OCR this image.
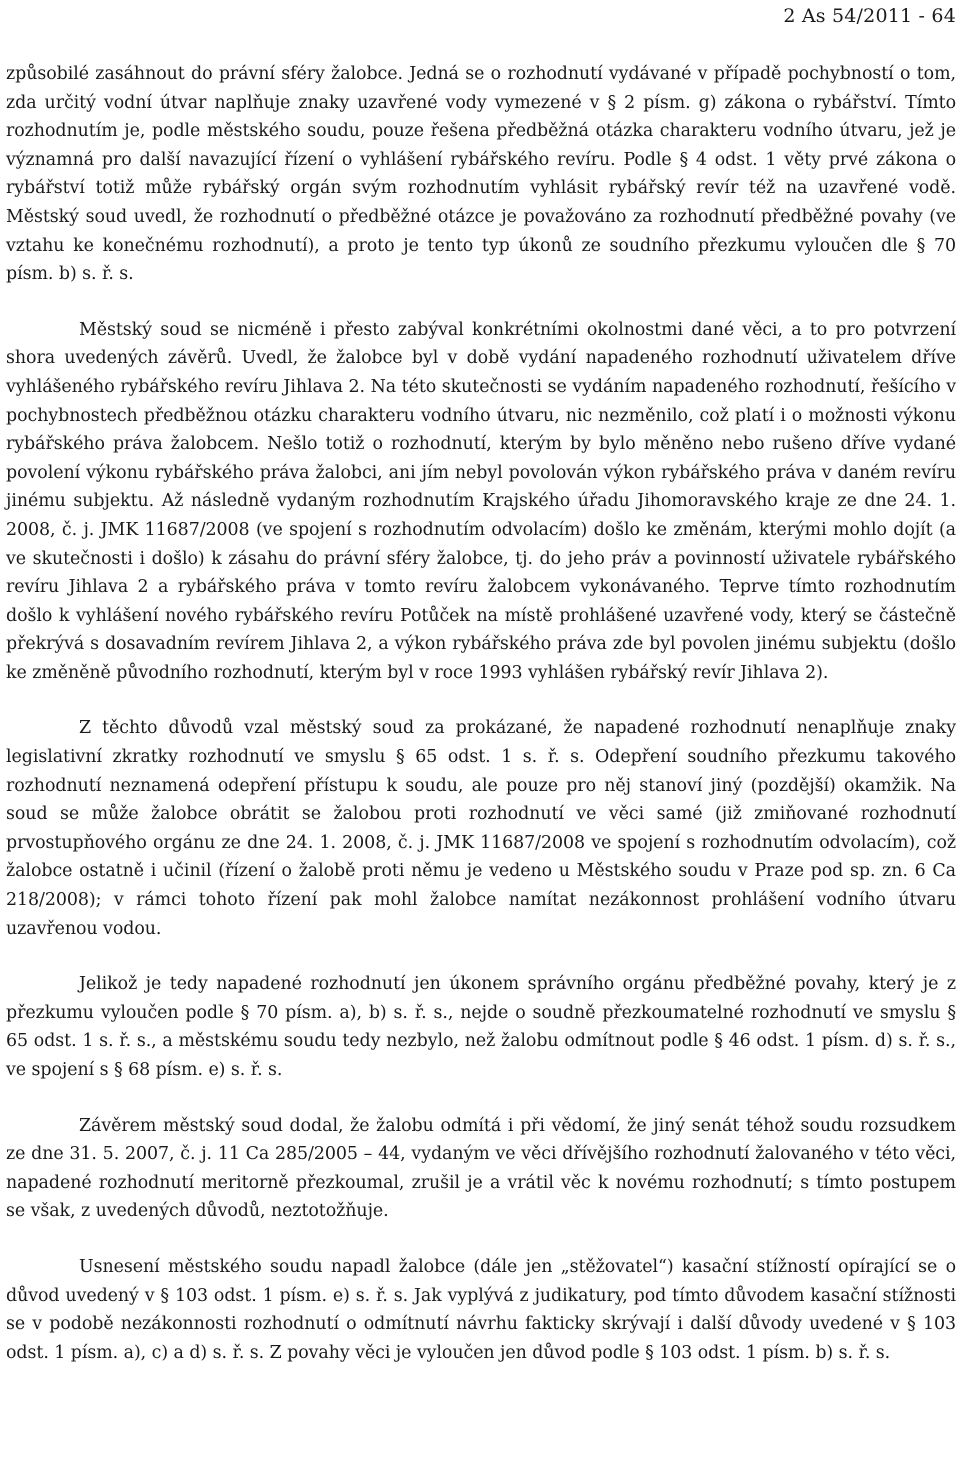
2 As 54/2011 - 64

způsobilé zasáhnout do právní sféry žalobce. Jedná se o rozhodnutí vydávané v případě pochybností o tom, zda určitý vodní útvar naplňuje znaky uzavřené vody vymezené v § 2 písm. g) zákona o rybářství. Tímto rozhodnutím je, podle městského soudu, pouze řešena předběžná otázka charakteru vodního útvaru, jež je významná pro další navazující řízení o vyhlášení rybářského revíru. Podle § 4 odst. 1 věty prvé zákona o rybářství totiž může rybářský orgán svým rozhodnutím vyhlásit rybářský revír též na uzavřené vodě. Městský soud uvedl, že rozhodnutí o předběžné otázce je považováno za rozhodnutí předběžné povahy (ve vztahu ke konečnému rozhodnutí), a proto je tento typ úkonů ze soudního přezkumu vyloučen dle § 70 písm. b) s. ř. s.

Městský soud se nicméně i přesto zabýval konkrétními okolnostmi dané věci, a to pro potvrzení shora uvedených závěrů. Uvedl, že žalobce byl v době vydání napadeného rozhodnutí uživatelem dříve vyhlášeného rybářského revíru Jihlava 2. Na této skutečnosti se vydáním napadeného rozhodnutí, řešícího v pochybnostech předběžnou otázku charakteru vodního útvaru, nic nezměnilo, což platí i o možnosti výkonu rybářského práva žalobcem. Nešlo totiž o rozhodnutí, kterým by bylo měněno nebo rušeno dříve vydané povolení výkonu rybářského práva žalobci, ani jím nebyl povolován výkon rybářského práva v daném revíru jinému subjektu. Až následně vydaným rozhodnutím Krajského úřadu Jihomoravského kraje ze dne 24. 1. 2008, č. j. JMK 11687/2008 (ve spojení s rozhodnutím odvolacím) došlo ke změnám, kterými mohlo dojít (a ve skutečnosti i došlo) k zásahu do právní sféry žalobce, tj. do jeho práv a povinností uživatele rybářského revíru Jihlava 2 a rybářského práva v tomto revíru žalobcem vykonávaného. Teprve tímto rozhodnutím došlo k vyhlášení nového rybářského revíru Potůček na místě prohlášené uzavřené vody, který se částečně překrývá s dosavadním revírem Jihlava 2, a výkon rybářského práva zde byl povolen jinému subjektu (došlo ke změněně původního rozhodnutí, kterým byl v roce 1993 vyhlášen rybářský revír Jihlava 2).

Z těchto důvodů vzal městský soud za prokázané, že napadené rozhodnutí nenaplňuje znaky legislativní zkratky rozhodnutí ve smyslu § 65 odst. 1 s. ř. s. Odepření soudního přezkumu takového rozhodnutí neznamená odepření přístupu k soudu, ale pouze pro něj stanoví jiný (pozdější) okamžik. Na soud se může žalobce obrátit se žalobou proti rozhodnutí ve věci samé (již zmiňované rozhodnutí prvostupňového orgánu ze dne 24. 1. 2008, č. j. JMK 11687/2008 ve spojení s rozhodnutím odvolacím), což žalobce ostatně i učinil (řízení o žalobě proti němu je vedeno u Městského soudu v Praze pod sp. zn. 6 Ca 218/2008); v rámci tohoto řízení pak mohl žalobce namítat nezákonnost prohlášení vodního útvaru uzavřenou vodou.

Jelikož je tedy napadené rozhodnutí jen úkonem správního orgánu předběžné povahy, který je z přezkumu vyloučen podle § 70 písm. a), b) s. ř. s., nejde o soudně přezkoumatelné rozhodnutí ve smyslu § 65 odst. 1 s. ř. s., a městskému soudu tedy nezbylo, než žalobu odmítnout podle § 46 odst. 1 písm. d) s. ř. s., ve spojení s § 68 písm. e) s. ř. s.

Závěrem městský soud dodal, že žalobu odmítá i při vědomí, že jiný senát téhož soudu rozsudkem ze dne 31. 5. 2007, č. j. 11 Ca 285/2005 – 44, vydaným ve věci dřívějšího rozhodnutí žalovaného v této věci, napadené rozhodnutí meritorně přezkoumal, zrušil je a vrátil věc k novému rozhodnutí; s tímto postupem se však, z uvedených důvodů, neztotožňuje.

Usnesení městského soudu napadl žalobce (dále jen „stěžovatel“) kasační stížností opírající se o důvod uvedený v § 103 odst. 1 písm. e) s. ř. s. Jak vyplývá z judikatury, pod tímto důvodem kasační stížnosti se v podobě nezákonnosti rozhodnutí o odmítnutí návrhu fakticky skrývají i další důvody uvedené v § 103 odst. 1 písm. a), c) a d) s. ř. s. Z povahy věci je vyloučen jen důvod podle § 103 odst. 1 písm. b) s. ř. s.
